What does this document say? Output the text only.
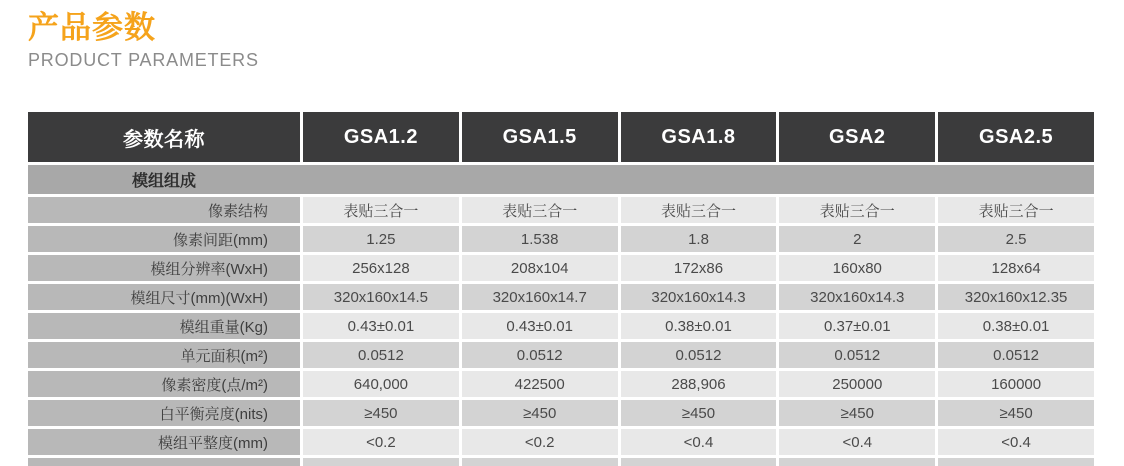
产品参数
PRODUCT PARAMETERS
参数名称	GSA1.2	GSA1.5	GSA1.8	GSA2	GSA2.5
模组组成
像素结构	表贴三合一	表贴三合一	表贴三合一	表贴三合一	表贴三合一
像素间距(mm)	1.25	1.538	1.8	2	2.5
模组分辨率(WxH)	256x128	208x104	172x86	160x80	128x64
模组尺寸(mm)(WxH)	320x160x14.5	320x160x14.7	320x160x14.3	320x160x14.3	320x160x12.35
模组重量(Kg)	0.43±0.01	0.43±0.01	0.38±0.01	0.37±0.01	0.38±0.01
单元面积(m²)	0.0512	0.0512	0.0512	0.0512	0.0512
像素密度(点/m²)	640,000	422500	288,906	250000	160000
白平衡亮度(nits)	≥450	≥450	≥450	≥450	≥450
模组平整度(mm)	<0.2	<0.2	<0.4	<0.4	<0.4
